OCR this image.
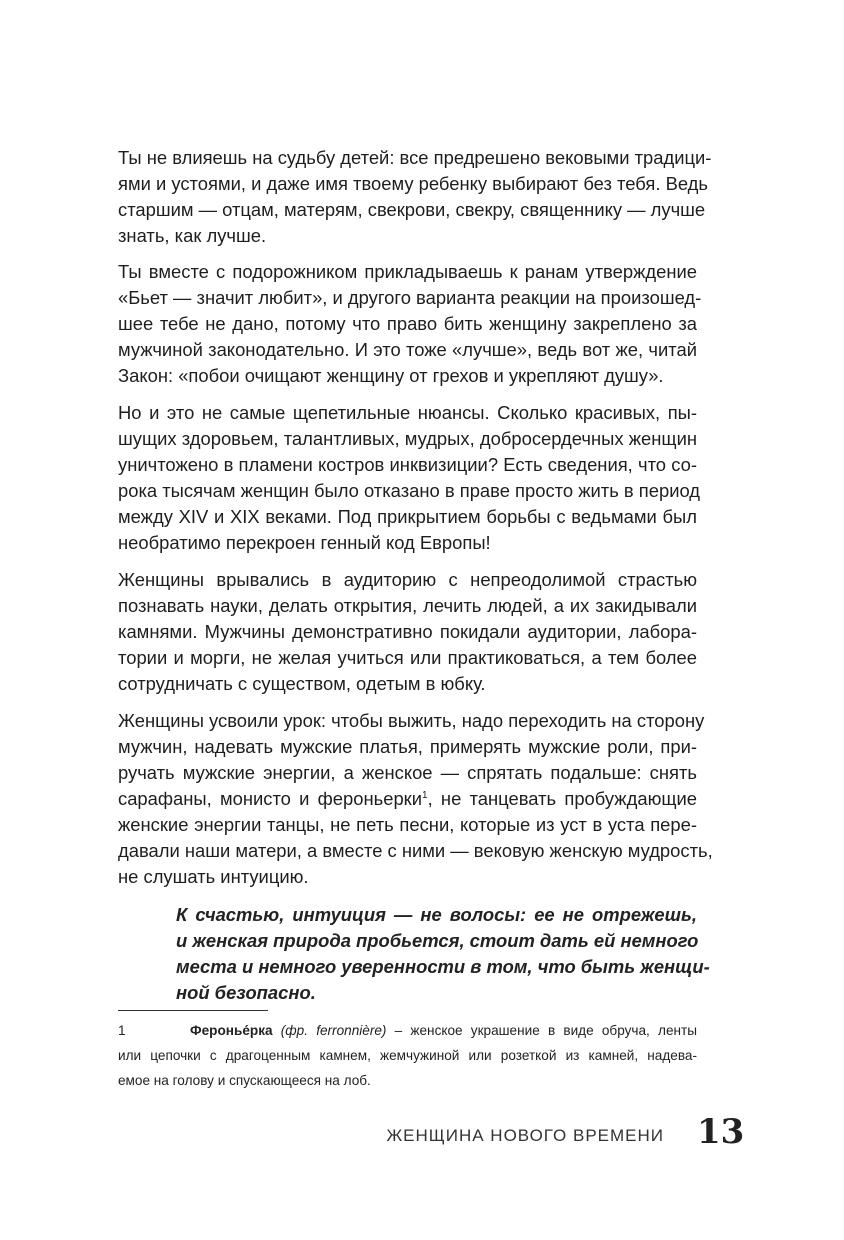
Ты не влияешь на судьбу детей: все предрешено вековыми традици-
ями и устоями, и даже имя твоему ребенку выбирают без тебя. Ведь
старшим — отцам, матерям, свекрови, свекру, священнику — лучше
знать, как лучше.

Ты вместе с подорожником прикладываешь к ранам утверждение
«Бьет — значит любит», и другого варианта реакции на произошед-
шее тебе не дано, потому что право бить женщину закреплено за
мужчиной законодательно. И это тоже «лучше», ведь вот же, читай
Закон: «побои очищают женщину от грехов и укрепляют душу».

Но и это не самые щепетильные нюансы. Сколько красивых, пы-
шущих здоровьем, талантливых, мудрых, добросердечных женщин
уничтожено в пламени костров инквизиции? Есть сведения, что со-
рока тысячам женщин было отказано в праве просто жить в период
между XIV и XIX веками. Под прикрытием борьбы с ведьмами был
необратимо перекроен генный код Европы!

Женщины врывались в аудиторию с непреодолимой страстью
познавать науки, делать открытия, лечить людей, а их закидывали
камнями. Мужчины демонстративно покидали аудитории, лабора-
тории и морги, не желая учиться или практиковаться, а тем более
сотрудничать с существом, одетым в юбку.

Женщины усвоили урок: чтобы выжить, надо переходить на сторону
мужчин, надевать мужские платья, примерять мужские роли, при-
ручать мужские энергии, а женское — спрятать подальше: снять
сарафаны, монисто и фероньерки$^1$, не танцевать пробуждающие
женские энергии танцы, не петь песни, которые из уст в уста пере-
давали наши матери, а вместе с ними — вековую женскую мудрость,
не слушать интуицию.

К счастью, интуиция — не волосы: ее не отрежешь,
и женская природа пробьется, стоит дать ей немного
места и немного уверенности в том, что быть женщи-
ной безопасно.

1	Феронье́рка (фр. ferronnière) – женское украшение в виде обруча, ленты
или цепочки с драгоценным камнем, жемчужиной или розеткой из камней, надева-
емое на голову и спускающееся на лоб.

ЖЕНЩИНА НОВОГО ВРЕМЕНИ 13
